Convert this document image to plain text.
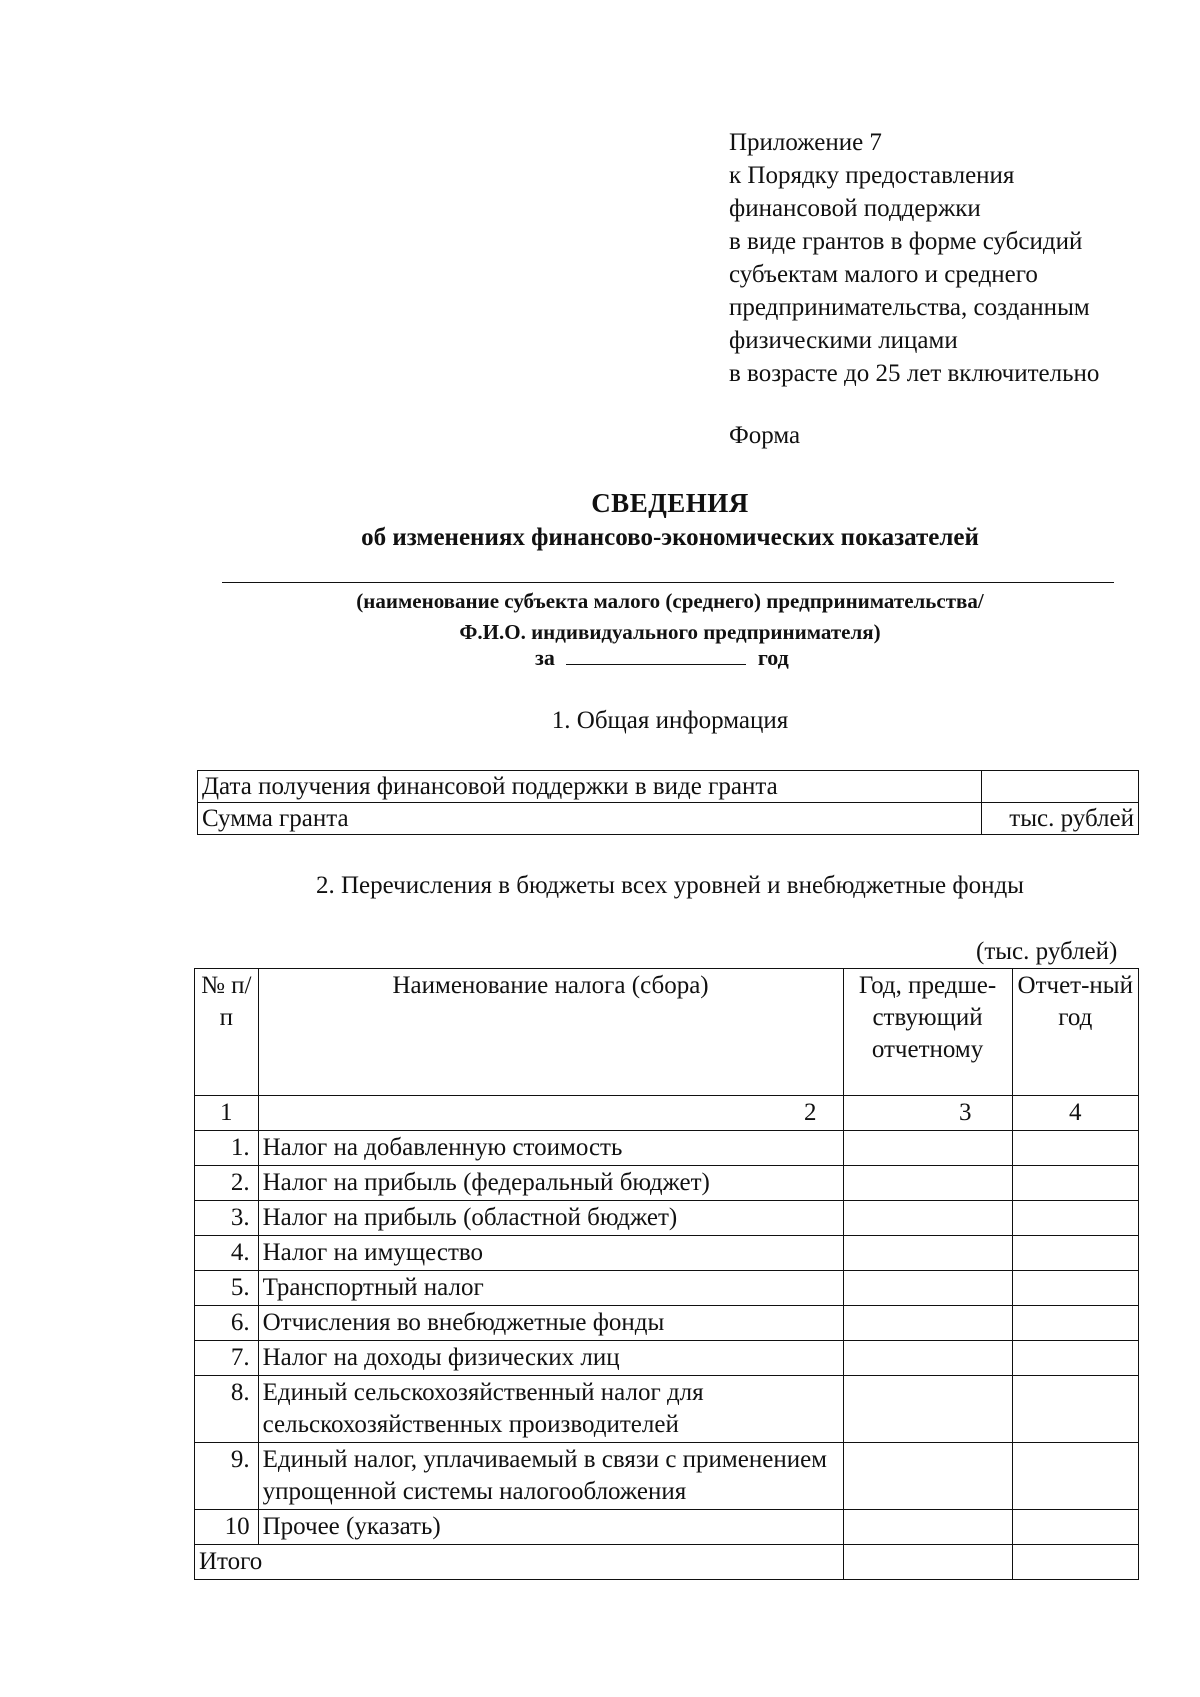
Приложение 7
к Порядку предоставления
финансовой поддержки
в виде грантов в форме субсидий
субъектам малого и среднего
предпринимательства, созданным
физическими лицами
в возрасте до 25 лет включительно
Форма
СВЕДЕНИЯ
об изменениях финансово-экономических показателей
(наименование субъекта малого (среднего) предпринимательства/
Ф.И.О. индивидуального предпринимателя)
за	год
1. Общая информация
Дата получения финансовой поддержки в виде гранта	
Сумма гранта	тыс. рублей
2. Перечисления в бюджеты всех уровней и внебюджетные фонды
(тыс. рублей)
№ п/п	Наименование налога (сбора)	Год, предше-ствующий отчетному	Отчет-ный год
1	2	3	4
1.	Налог на добавленную стоимость		
2.	Налог на прибыль (федеральный бюджет)		
3.	Налог на прибыль (областной бюджет)		
4.	Налог на имущество		
5.	Транспортный налог		
6.	Отчисления во внебюджетные фонды		
7.	Налог на доходы физических лиц		
8.	Единый сельскохозяйственный налог для сельскохозяйственных производителей		
9.	Единый налог, уплачиваемый в связи с применением упрощенной системы налогообложения		
10	Прочее (указать)		
Итого			
